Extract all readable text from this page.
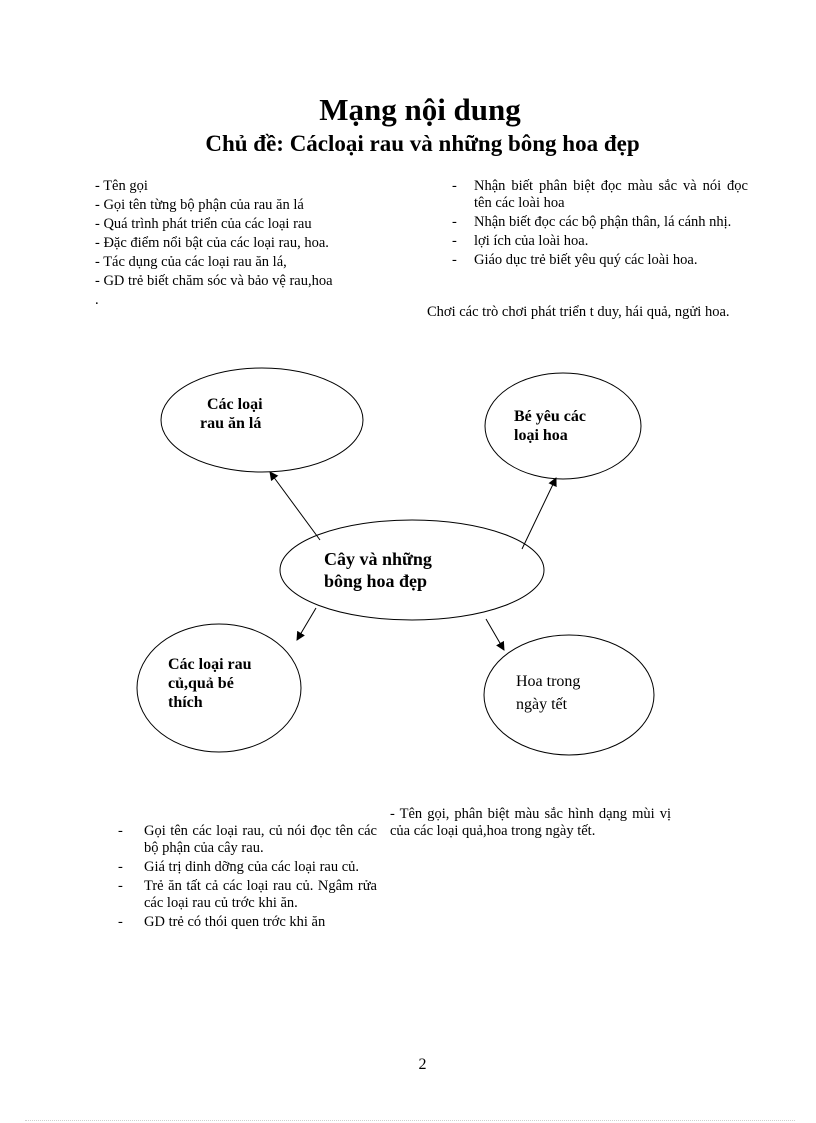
Mạng nội dung
Chủ đề: Cácloại rau và những bông hoa đẹp
- Tên gọi
- Gọi tên từng bộ phận của rau ăn lá
- Quá trình phát triển của các loại rau
- Đặc điểm nổi bật của các loại rau, hoa.
- Tác dụng của các loại rau ăn lá,
- GD trẻ biết chăm sóc và bảo vệ rau,hoa
.
- Nhận biết phân biệt đọc màu sắc và nói đọc tên các loài hoa
- Nhận biết đọc các bộ phận thân, lá cánh nhị.
- lợi ích của loài hoa.
- Giáo dục trẻ biết yêu quý các loài hoa.

Chơi các trò chơi phát triển t duy, hái quả, ngửi hoa.

Cây và những
bông hoa đẹp
Các loại
rau ăn lá	Bé yêu các
loại hoa
Các loại rau
củ,quả bé
thích
Hoa trong
ngày tết
- Gọi tên các loại rau, củ nói đọc tên các bộ phận của cây rau.
- Giá trị dinh dỡng của các loại rau củ.
- Trẻ ăn tất cả các loại rau củ. Ngâm rửa các loại rau củ trớc khi ăn.
- GD trẻ có thói quen trớc khi ăn

- Tên gọi, phân biệt màu sắc hình dạng mùi vị của các loại quả,hoa trong ngày tết.

2
